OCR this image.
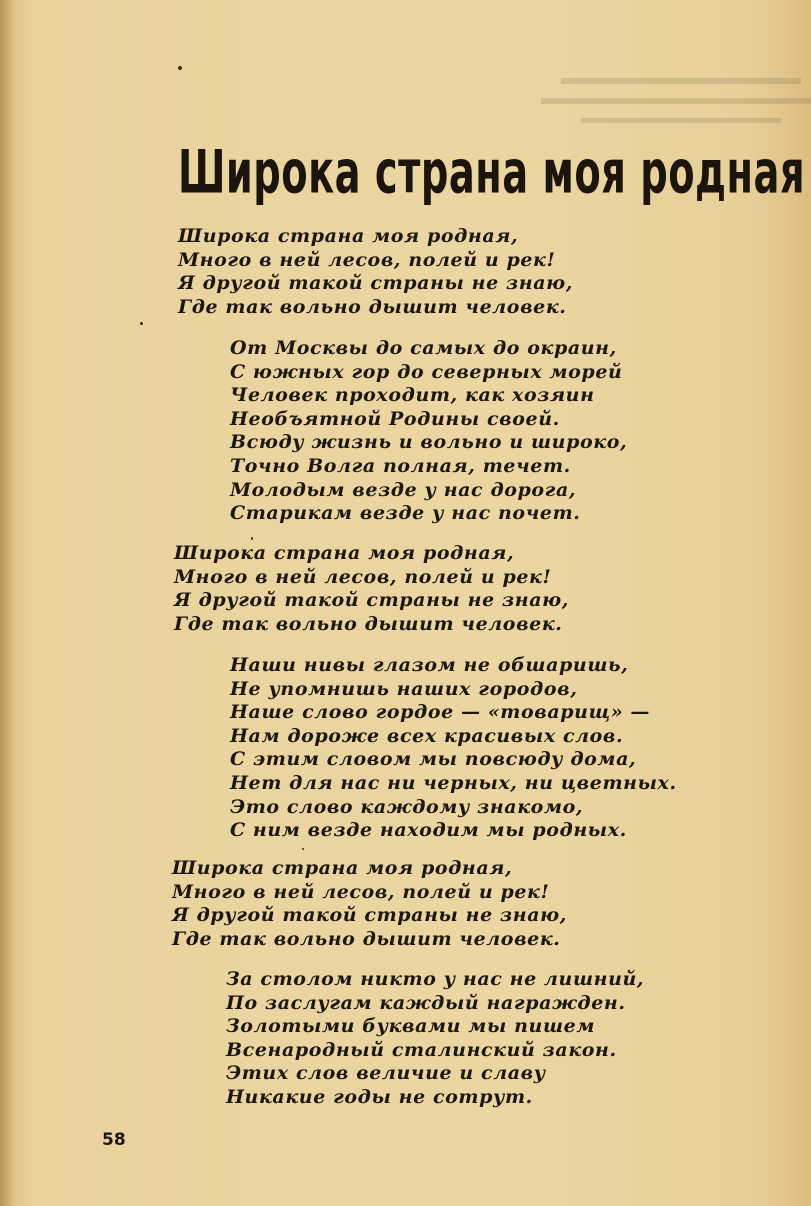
Широка страна моя родная
Широка страна моя родная,
Много в ней лесов, полей и рек!
Я другой такой страны не знаю,
Где так вольно дышит человек.
От Москвы до самых до окраин,
С южных гор до северных морей
Человек проходит, как хозяин
Необъятной Родины своей.
Всюду жизнь и вольно и широко,
Точно Волга полная, течет.
Молодым везде у нас дорога,
Старикам везде у нас почет.
Широка страна моя родная,
Много в ней лесов, полей и рек!
Я другой такой страны не знаю,
Где так вольно дышит человек.
Наши нивы глазом не обшаришь,
Не упомнишь наших городов,
Наше слово гордое — «товарищ» —
Нам дороже всех красивых слов.
С этим словом мы повсюду дома,
Нет для нас ни черных, ни цветных.
Это слово каждому знакомо,
С ним везде находим мы родных.
Широка страна моя родная,
Много в ней лесов, полей и рек!
Я другой такой страны не знаю,
Где так вольно дышит человек.
За столом никто у нас не лишний,
По заслугам каждый награжден.
Золотыми буквами мы пишем
Всенародный сталинский закон.
Этих слов величие и славу
Никакие годы не сотрут.
58
